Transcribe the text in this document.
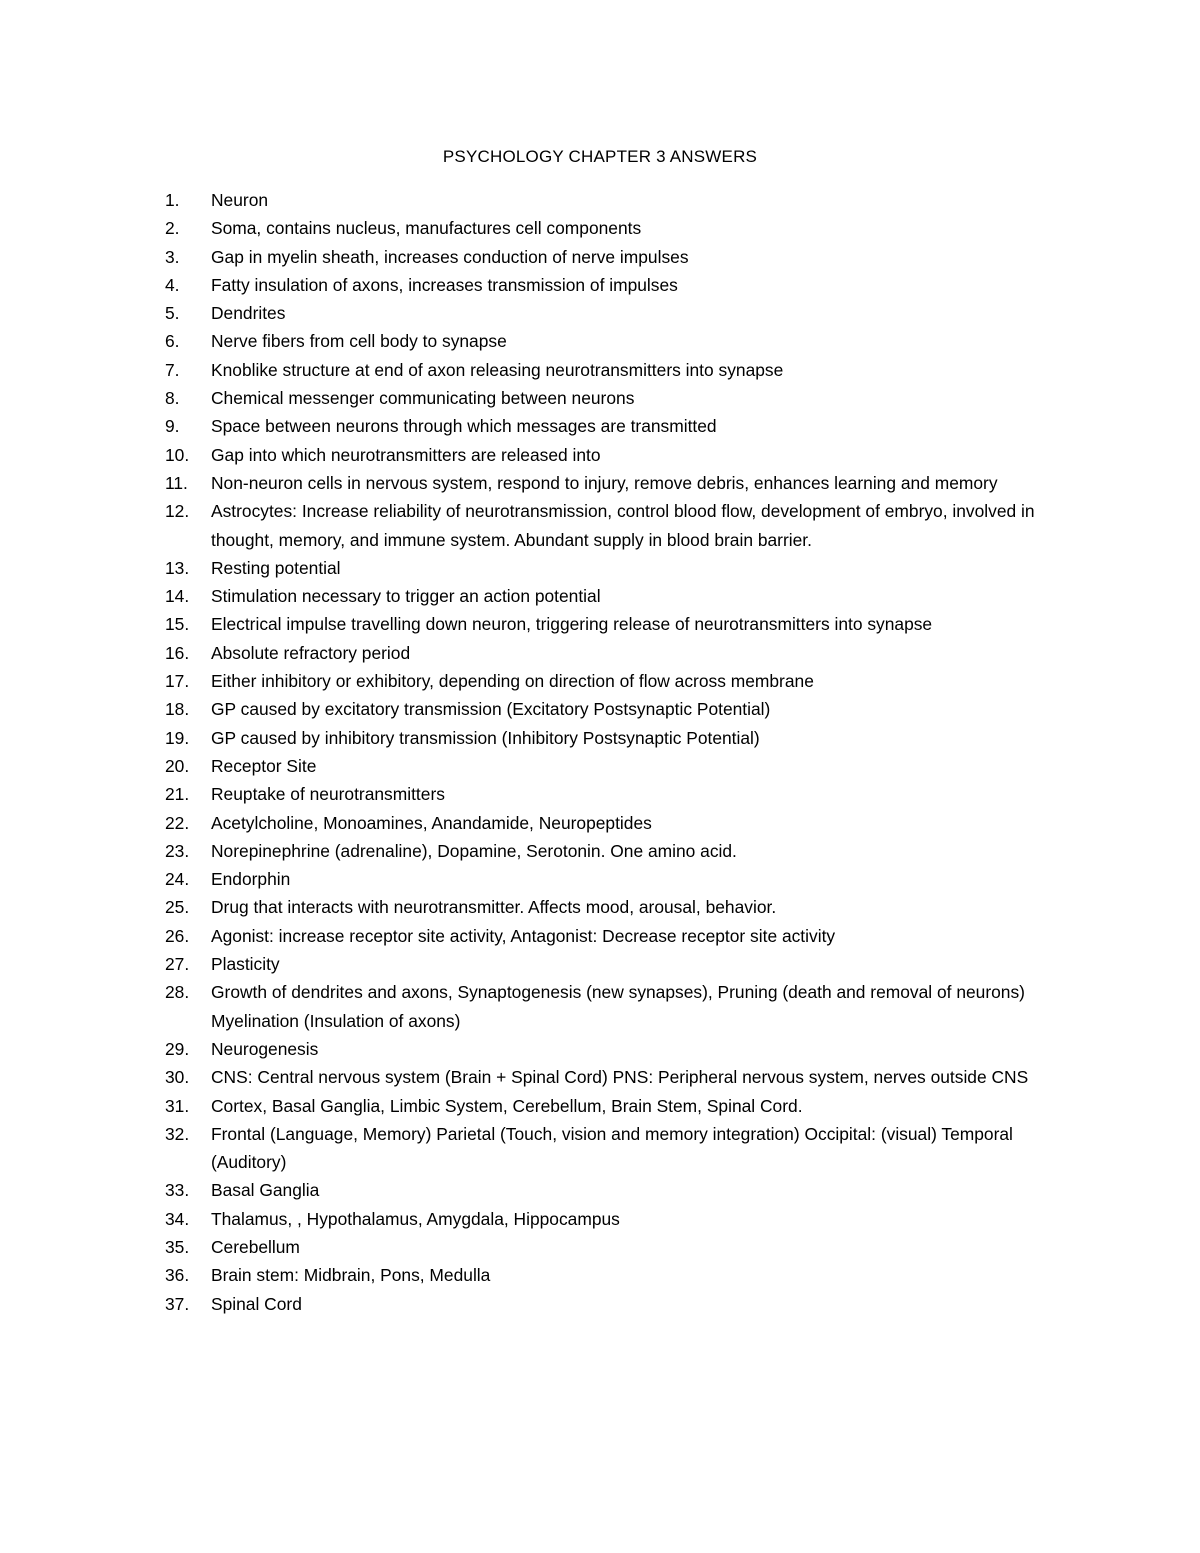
PSYCHOLOGY CHAPTER 3 ANSWERS
1.	Neuron
2.	Soma, contains nucleus, manufactures cell components
3.	Gap in myelin sheath, increases conduction of nerve impulses
4.	Fatty insulation of axons, increases transmission of impulses
5.	Dendrites
6.	Nerve fibers from cell body to synapse
7.	Knoblike structure at end of axon releasing neurotransmitters into synapse
8.	Chemical messenger communicating between neurons
9.	Space between neurons through which messages are transmitted
10.	Gap into which neurotransmitters are released into
11.	Non-neuron cells in nervous system, respond to injury, remove debris, enhances learning and memory
12.	Astrocytes: Increase reliability of neurotransmission, control blood flow, development of embryo, involved in thought, memory, and immune system. Abundant supply in blood brain barrier.
13.	Resting potential
14.	Stimulation necessary to trigger an action potential
15.	Electrical impulse travelling down neuron, triggering release of neurotransmitters into synapse
16.	Absolute refractory period
17.	Either inhibitory or exhibitory, depending on direction of flow across membrane
18.	GP caused by excitatory transmission (Excitatory Postsynaptic Potential)
19.	GP caused by inhibitory transmission (Inhibitory Postsynaptic Potential)
20.	Receptor Site
21.	Reuptake of neurotransmitters
22.	Acetylcholine, Monoamines, Anandamide, Neuropeptides
23.	Norepinephrine (adrenaline), Dopamine, Serotonin. One amino acid.
24.	Endorphin
25.	Drug that interacts with neurotransmitter. Affects mood, arousal, behavior.
26.	Agonist: increase receptor site activity, Antagonist: Decrease receptor site activity
27.	Plasticity
28.	Growth of dendrites and axons, Synaptogenesis (new synapses), Pruning (death and removal of neurons) Myelination (Insulation of axons)
29.	Neurogenesis
30.	CNS: Central nervous system (Brain + Spinal Cord) PNS: Peripheral nervous system, nerves outside CNS
31.	Cortex, Basal Ganglia, Limbic System, Cerebellum, Brain Stem, Spinal Cord.
32.	Frontal (Language, Memory) Parietal (Touch, vision and memory integration) Occipital: (visual) Temporal (Auditory)
33.	Basal Ganglia
34.	Thalamus, , Hypothalamus, Amygdala, Hippocampus
35.	Cerebellum
36.	Brain stem: Midbrain, Pons, Medulla
37.	Spinal Cord
